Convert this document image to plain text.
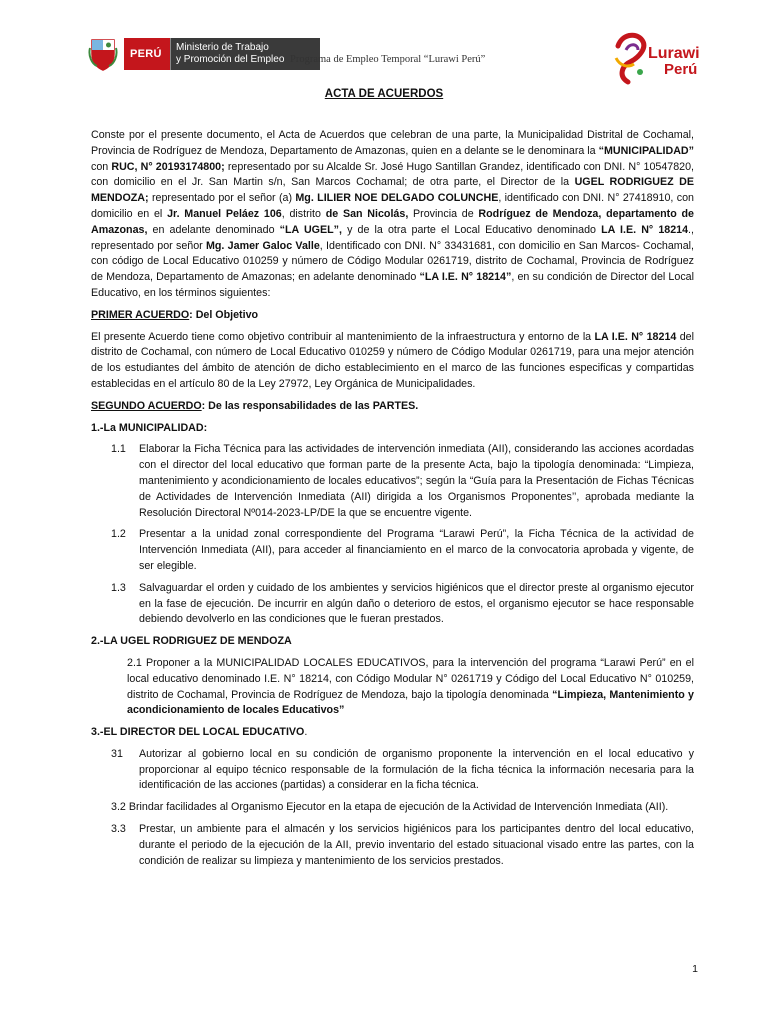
PERÚ
Ministerio de Trabajo
y Promoción del Empleo Programa de Empleo Temporal “Lurawi Perú”	Lurawi
Perú
ACTA DE ACUERDOS

Conste por el presente documento, el Acta de Acuerdos que celebran de una parte, la Municipalidad Distrital de Cochamal, Provincia de Rodríguez de Mendoza, Departamento de Amazonas, quien en a delante se le denominara la “MUNICIPALIDAD” con RUC, N° 20193174800; representado por su Alcalde Sr. José Hugo Santillan Grandez, identificado con DNI. N° 10547820, con domicilio en el Jr. San Martin s/n, San Marcos Cochamal; de otra parte, el Director de la UGEL RODRIGUEZ DE MENDOZA; representado por el señor (a) Mg. LILIER NOE DELGADO COLUNCHE, identificado con DNI. N° 27418910, con domicilio en el Jr. Manuel Peláez 106, distrito de San Nicolás, Provincia de Rodríguez de Mendoza, departamento de Amazonas, en adelante denominado “LA UGEL”, y de la otra parte el Local Educativo denominado LA I.E. N° 18214., representado por señor Mg. Jamer Galoc Valle, Identificado con DNI. N° 33431681, con domicilio en San Marcos- Cochamal, con código de Local Educativo 010259 y número de Código Modular 0261719, distrito de Cochamal, Provincia de Rodríguez de Mendoza, Departamento de Amazonas; en adelante denominado “LA I.E. N° 18214”, en su condición de Director del Local Educativo, en los términos siguientes:

PRIMER ACUERDO: Del Objetivo

El presente Acuerdo tiene como objetivo contribuir al mantenimiento de la infraestructura y entorno de la LA I.E. N° 18214 del distrito de Cochamal, con número de Local Educativo 010259 y número de Código Modular 0261719, para una mejor atención de los estudiantes del ámbito de atención de dicho establecimiento en el marco de las funciones especificas y compartidas establecidas en el artículo 80 de la Ley 27972, Ley Orgánica de Municipalidades.

SEGUNDO ACUERDO: De las responsabilidades de las PARTES.

1.-La MUNICIPALIDAD:

1.1 Elaborar la Ficha Técnica para las actividades de intervención inmediata (AII), considerando las acciones acordadas con el director del local educativo que forman parte de la presente Acta, bajo la tipología denominada: “Limpieza, mantenimiento y acondicionamiento de locales educativos”; según la “Guía para la Presentación de Fichas Técnicas de Actividades de Intervención Inmediata (AII) dirigida a los Organismos Proponentes’’, aprobada mediante la Resolución Directoral Nº014-2023-LP/DE la que se encuentre vigente.

1.2 Presentar a la unidad zonal correspondiente del Programa “Larawi Perú”, la Ficha Técnica de la actividad de Intervención Inmediata (AII), para acceder al financiamiento en el marco de la convocatoria aprobada y vigente, de ser elegible.

1.3 Salvaguardar el orden y cuidado de los ambientes y servicios higiénicos que el director preste al organismo ejecutor en la fase de ejecución. De incurrir en algún daño o deterioro de estos, el organismo ejecutor se hace responsable debiendo devolverlo en las condiciones que le fueran prestados.

2.-LA UGEL RODRIGUEZ DE MENDOZA

2.1 Proponer a la MUNICIPALIDAD LOCALES EDUCATIVOS, para la intervención del programa “Larawi Perú” en el local educativo denominado I.E. N° 18214, con Código Modular N° 0261719 y Código del Local Educativo N° 010259, distrito de Cochamal, Provincia de Rodríguez de Mendoza, bajo la tipología denominada “Limpieza, Mantenimiento y acondicionamiento de locales Educativos”

3.-EL DIRECTOR DEL LOCAL EDUCATIVO.

31 Autorizar al gobierno local en su condición de organismo proponente la intervención en el local educativo y proporcionar al equipo técnico responsable de la formulación de la ficha técnica la información necesaria para la identificación de las acciones (partidas) a considerar en la ficha técnica.

3.2 Brindar facilidades al Organismo Ejecutor en la etapa de ejecución de la Actividad de Intervención Inmediata (AII).

3.3 Prestar, un ambiente para el almacén y los servicios higiénicos para los participantes dentro del local educativo, durante el periodo de la ejecución de la AII, previo inventario del estado situacional visado entre las partes, con la condición de realizar su limpieza y mantenimiento de los servicios prestados.

1
